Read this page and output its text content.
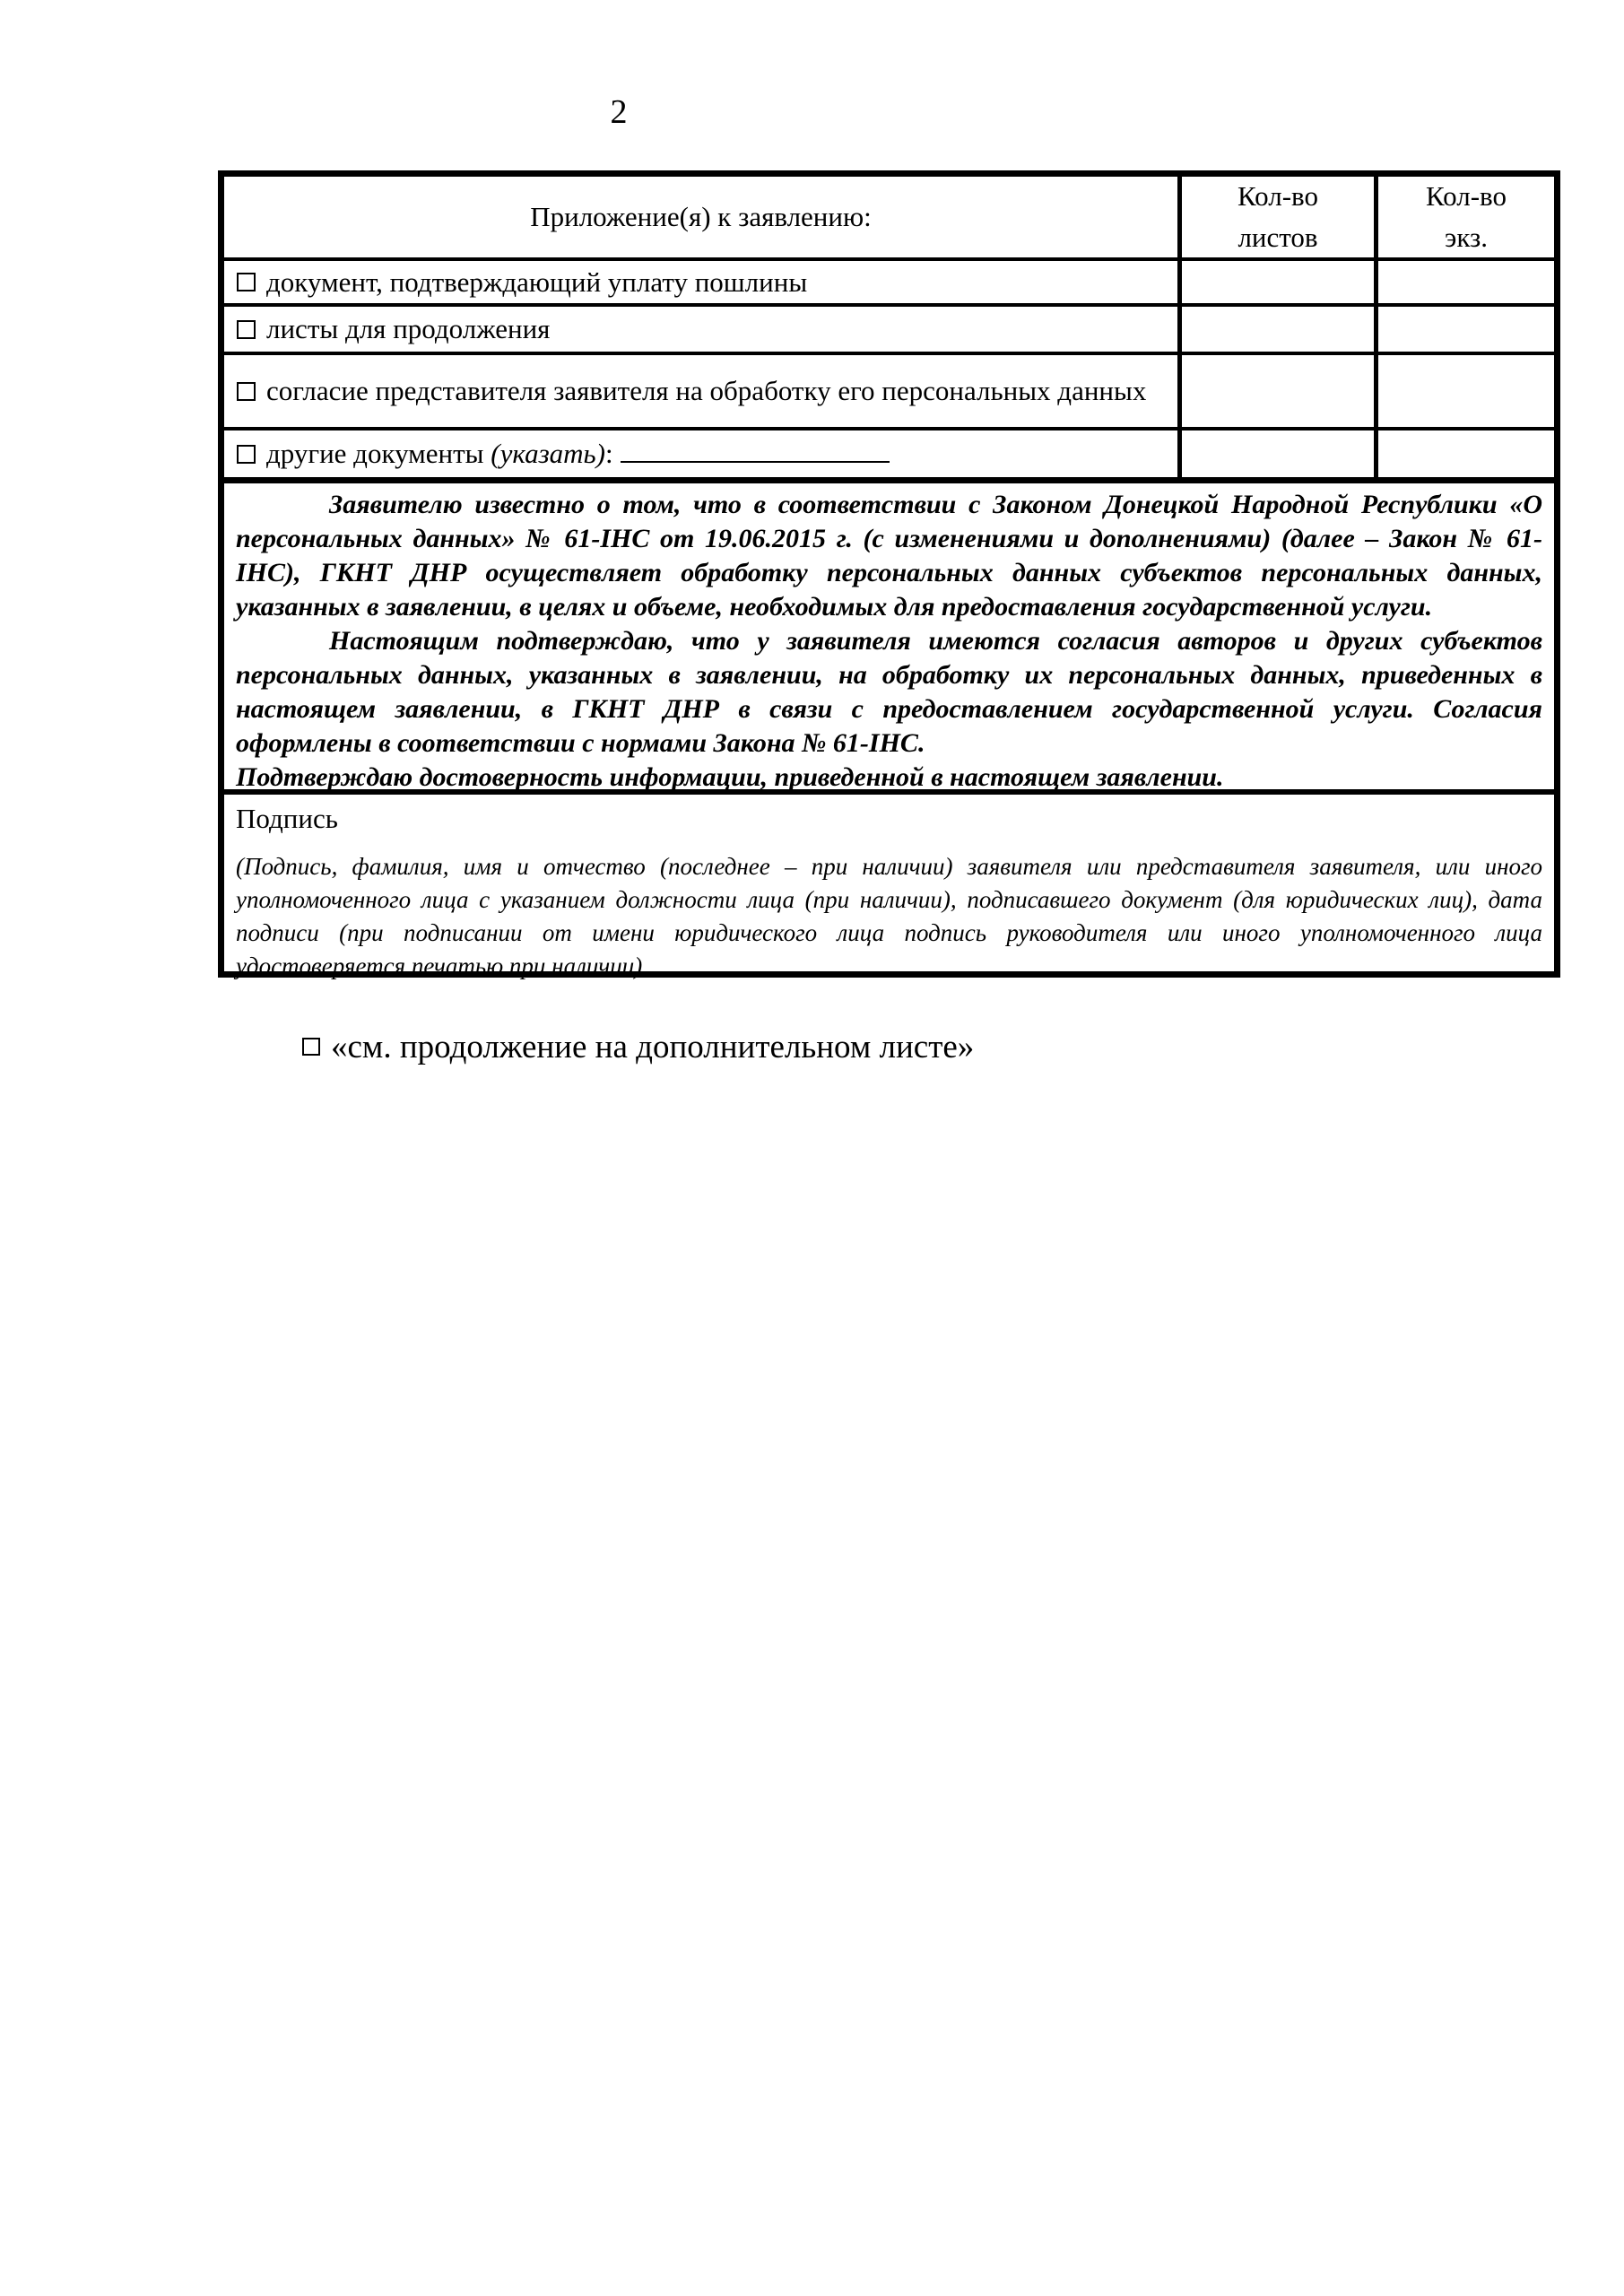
2
Приложение(я) к заявлению:
Кол-во
листов
Кол-во
экз.
документ, подтверждающий уплату пошлины
листы для продолжения
согласие представителя заявителя на обработку его персональных данных
другие документы (указать):

Заявителю известно о том, что в соответствии с Законом Донецкой Народной Республики «О персональных данных» № 61-ІНС от 19.06.2015 г. (с изменениями и дополнениями) (далее – Закон № 61-ІНС), ГКНТ ДНР осуществляет обработку персональных данных субъектов персональных данных, указанных в заявлении, в целях и объеме, необходимых для предоставления государственной услуги.

Настоящим подтверждаю, что у заявителя имеются согласия авторов и других субъектов персональных данных, указанных в заявлении, на обработку их персональных данных, приведенных в настоящем заявлении, в ГКНТ ДНР в связи с предоставлением государственной услуги. Согласия оформлены в соответствии с нормами Закона № 61-ІНС.

Подтверждаю достоверность информации, приведенной в настоящем заявлении.

Подпись
(Подпись, фамилия, имя и отчество (последнее – при наличии) заявителя или представителя заявителя, или иного уполномоченного лица с указанием должности лица (при наличии), подписавшего документ (для юридических лиц), дата подписи (при подписании от имени юридического лица подпись руководителя или иного уполномоченного лица удостоверяется печатью при наличии)
«см. продолжение на дополнительном листе»
